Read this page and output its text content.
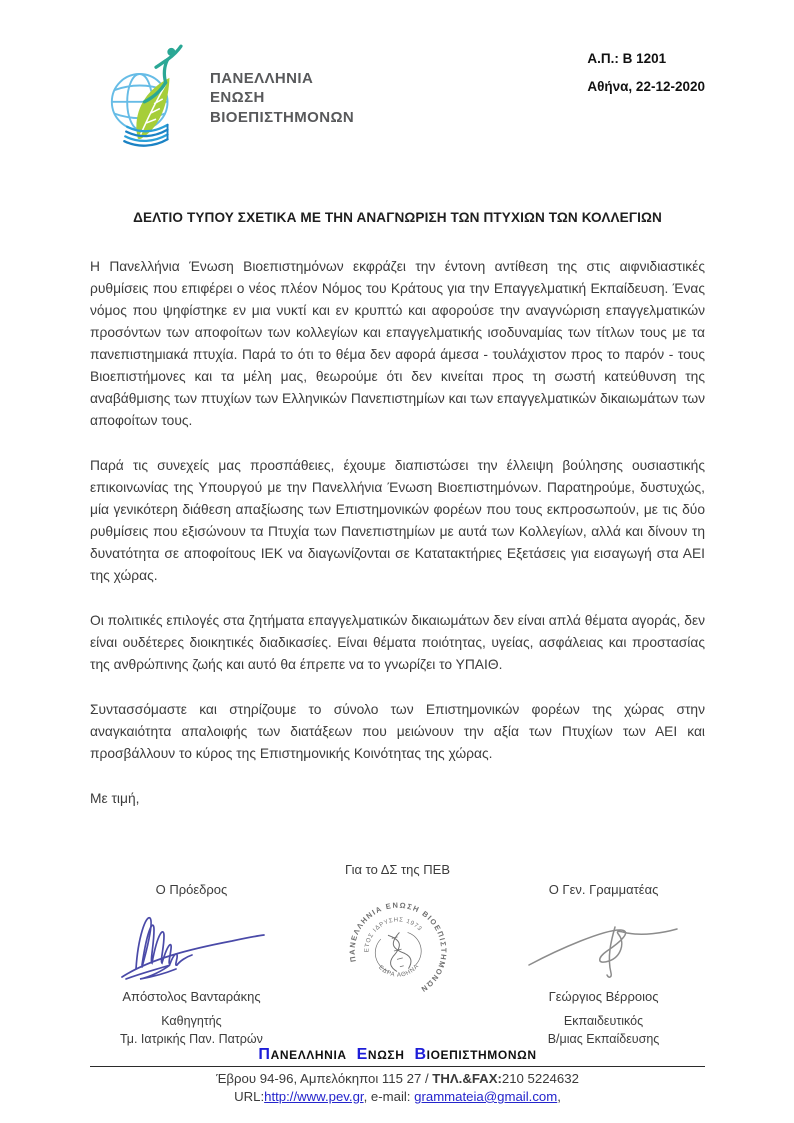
ΠΑΝΕΛΛΗΝΙΑ
ΕΝΩΣΗ
ΒΙΟΕΠΙΣΤΗΜΟΝΩΝ
Α.Π.: Β 1201
Αθήνα, 22-12-2020
ΔΕΛΤΙΟ ΤΥΠΟΥ ΣΧΕΤΙΚΑ ΜΕ ΤΗΝ ΑΝΑΓΝΩΡΙΣΗ ΤΩΝ ΠΤΥΧΙΩΝ ΤΩΝ ΚΟΛΛΕΓΙΩΝ

Η Πανελλήνια Ένωση Βιοεπιστημόνων εκφράζει την έντονη αντίθεση της στις αιφνιδιαστικές ρυθμίσεις που επιφέρει ο νέος πλέον Νόμος του Κράτους για την Επαγγελματική Εκπαίδευση. Ένας νόμος που ψηφίστηκε εν μια νυκτί και εν κρυπτώ και αφορούσε την αναγνώριση επαγγελματικών προσόντων των αποφοίτων των κολλεγίων και επαγγελματικής ισοδυναμίας των τίτλων τους με τα πανεπιστημιακά πτυχία. Παρά το ότι το θέμα δεν αφορά άμεσα - τουλάχιστον προς το παρόν - τους Βιοεπιστήμονες και τα μέλη μας, θεωρούμε ότι δεν κινείται προς τη σωστή κατεύθυνση της αναβάθμισης των πτυχίων των Ελληνικών Πανεπιστημίων και των επαγγελματικών δικαιωμάτων των αποφοίτων τους.

Παρά τις συνεχείς μας προσπάθειες, έχουμε διαπιστώσει την έλλειψη βούλησης ουσιαστικής επικοινωνίας της Υπουργού με την Πανελλήνια Ένωση Βιοεπιστημόνων. Παρατηρούμε, δυστυχώς, μία γενικότερη διάθεση απαξίωσης των Επιστημονικών φορέων που τους εκπροσωπούν, με τις δύο ρυθμίσεις που εξισώνουν τα Πτυχία των Πανεπιστημίων με αυτά των Κολλεγίων, αλλά και δίνουν τη δυνατότητα σε αποφοίτους ΙΕΚ να διαγωνίζονται σε Κατατακτήριες Εξετάσεις για εισαγωγή στα ΑΕΙ της χώρας.

Οι πολιτικές επιλογές στα ζητήματα επαγγελματικών δικαιωμάτων δεν είναι απλά θέματα αγοράς, δεν είναι ουδέτερες διοικητικές διαδικασίες. Είναι θέματα ποιότητας, υγείας, ασφάλειας και προστασίας της ανθρώπινης ζωής και αυτό θα έπρεπε να το γνωρίζει το ΥΠΑΙΘ.

Συντασσόμαστε και στηρίζουμε το σύνολο των Επιστημονικών φορέων της χώρας στην αναγκαιότητα απαλοιφής των διατάξεων που μειώνουν την αξία των Πτυχίων των ΑΕΙ και προσβάλλουν το κύρος της Επιστημονικής Κοινότητας της χώρας.

Με τιμή,

Για το ΔΣ της ΠΕΒ
Ο Πρόεδρος
Απόστολος Βανταράκης
Καθηγητής
Τμ. Ιατρικής Παν. Πατρών
ΠΑΝΕΛΛΗΝΙΑ ΕΝΩΣΗ ΒΙΟΕΠΙΣΤΗΜΟΝΩΝ
ΕΤΟΣ ΙΔΡΥΣΗΣ 1973
ΕΔΡΑ ΑΘΗΝΑ
Ο Γεν. Γραμματέας
Γεώργιος Βέρροιος
Εκπαιδευτικός
Β/μιας Εκπαίδευσης
ΠΑΝΕΛΛΗΝΙΑ ΕΝΩΣΗ ΒΙΟΕΠΙΣΤΗΜΟΝΩΝ
Έβρου 94-96, Αμπελόκηποι 115 27 / ΤΗΛ.&FAX:210 5224632
URL:http://www.pev.gr, e-mail: grammateia@gmail.com,
